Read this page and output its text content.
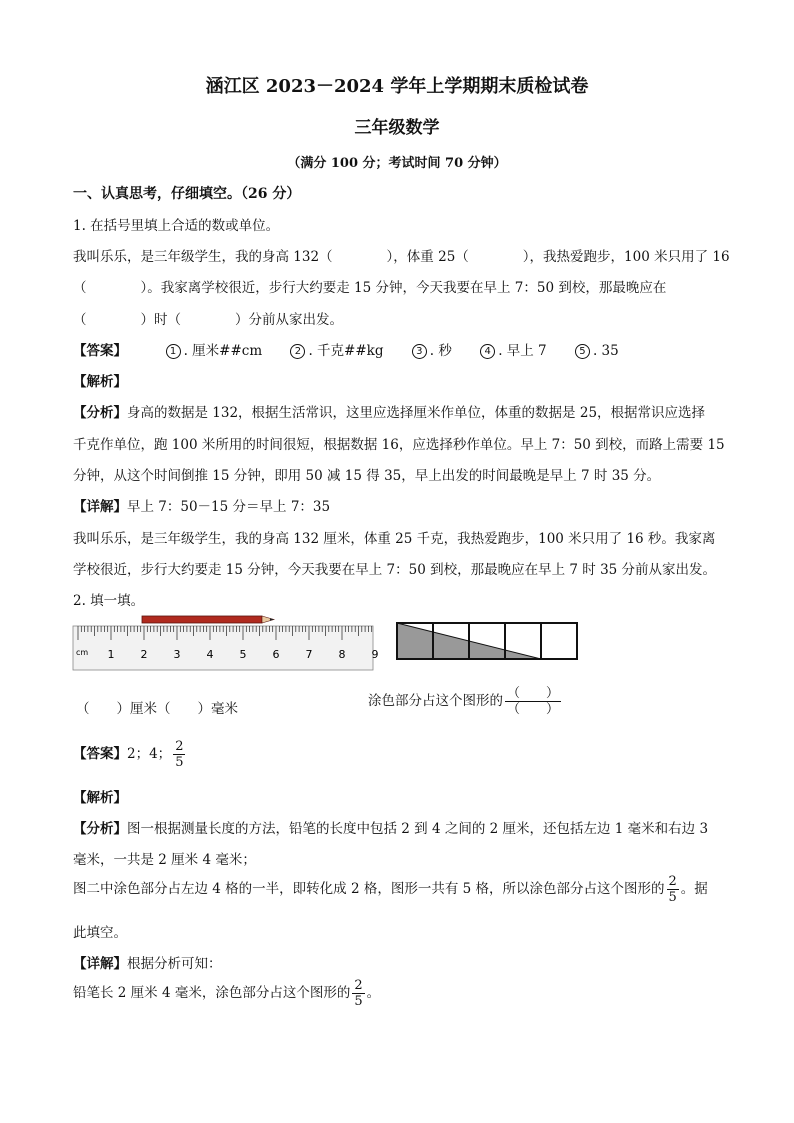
涵江区 2023－2024 学年上学期期末质检试卷
三年级数学
（满分 100 分；考试时间 70 分钟）
一、认真思考，仔细填空。（26 分）
1. 在括号里填上合适的数或单位。
我叫乐乐，是三年级学生，我的身高 132（　　　　），体重 25（　　　　），我热爱跑步，100 米只用了 16
（　　　　）。我家离学校很近，步行大约要走 15 分钟，今天我要在早上 7：50 到校，那最晚应在
（　　　　）时（　　　　）分前从家出发。
【答案】	1 . 厘米##cm	2 . 千克##kg	3 . 秒	4 . 早上 7	5 . 35
【解析】
【分析】身高的数据是 132，根据生活常识，这里应选择厘米作单位，体重的数据是 25，根据常识应选择
千克作单位，跑 100 米所用的时间很短，根据数据 16，应选择秒作单位。早上 7：50 到校，而路上需要 15
分钟，从这个时间倒推 15 分钟，即用 50 减 15 得 35，早上出发的时间最晚是早上 7 时 35 分。
【详解】早上 7：50－15 分＝早上 7：35
我叫乐乐，是三年级学生，我的身高 132 厘米，体重 25 千克，我热爱跑步，100 米只用了 16 秒。我家离
学校很近，步行大约要走 15 分钟，今天我要在早上 7：50 到校，那最晚应在早上 7 时 35 分前从家出发。
2. 填一填。
cm 1 2 3 4 5 6 7 8 9
（　　）厘米（　　）毫米	涂色部分占这个图形的 $\frac{( )}{( )}$
【答案】2；4； $\frac{2}{5}$
【解析】
【分析】图一根据测量长度的方法，铅笔的长度中包括 2 到 4 之间的 2 厘米，还包括左边 1 毫米和右边 3
毫米，一共是 2 厘米 4 毫米；
图二中涂色部分占左边 4 格的一半，即转化成 2 格，图形一共有 5 格，所以涂色部分占这个图形的 $\frac{2}{5}$ 。据
此填空。
【详解】根据分析可知：
铅笔长 2 厘米 4 毫米，涂色部分占这个图形的 $\frac{2}{5}$ 。
